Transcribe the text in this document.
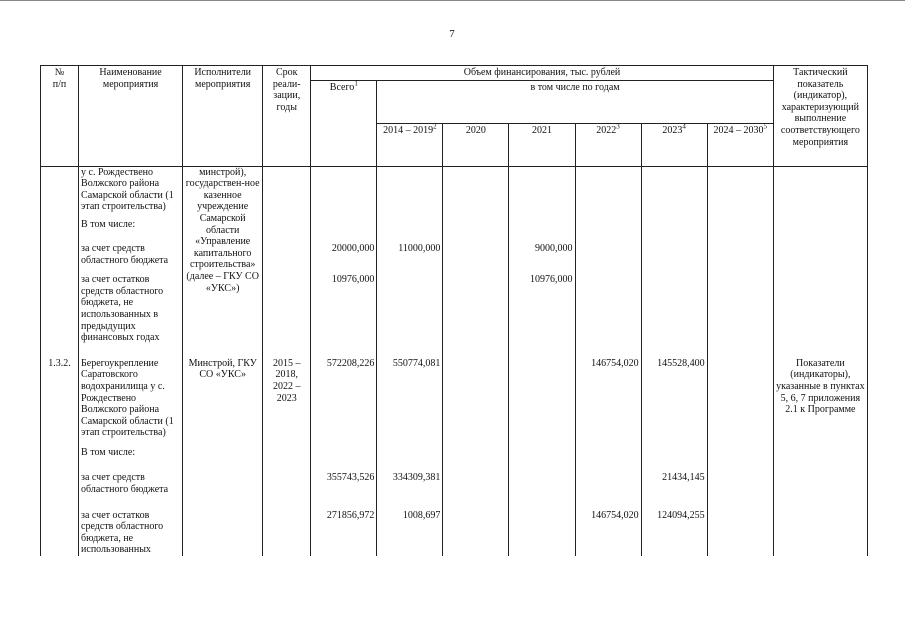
7
№
п/п	Наименование мероприятия	Исполнители мероприятия	Срок реали-
зации, годы	Объем финансирования, тыс. рублей							Тактический показатель (индикатор), характеризующий выполнение соответствующего мероприятия
				Всего$^1$	в том числе по годам						
					2014 – 2019$^2$	2020	2021	2022$^3$	2023$^4$	2024 – 2030$^5$
	у с. Рождествено Волжского района Самарской области (1 этап строительства)	минстрой), государствен-ное казенное учреждение Самарской области «Управление капитального строительства» (далее – ГКУ СО «УКС»)									
	В том числе:										
	за счет средств областного бюджета			20000,000	11000,000		9000,000				
	за счет остатков средств областного бюджета, не использованных в предыдущих финансовых годах			10976,000			10976,000				
1.3.2.	Берегоукрепление Саратовского водохранилища у с. Рождествено Волжского района Самарской области (1 этап строительства)	Минстрой, ГКУ СО «УКС»	2015 – 2018, 2022 – 2023	572208,226	550774,081			146754,020	145528,400		Показатели (индикаторы), указанные в пунктах 5, 6, 7 приложения 2.1 к Программе
	В том числе:										
	за счет средств областного бюджета			355743,526	334309,381				21434,145		
	за счет остатков средств областного бюджета, не использованных			271856,972	1008,697			146754,020	124094,255		
